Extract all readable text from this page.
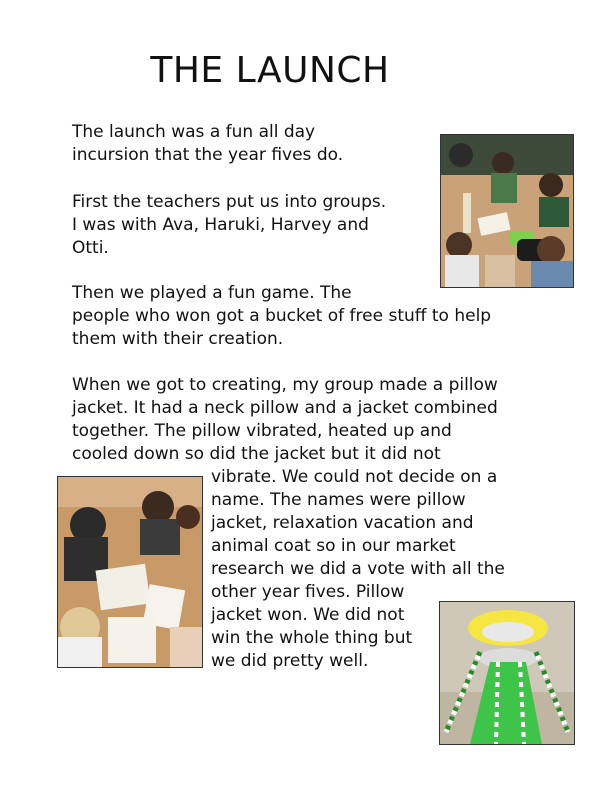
THE LAUNCH
The launch was a fun all day
incursion that the year fives do.
First the teachers put us into groups.
I was with Ava, Haruki, Harvey and
Otti.
Then we played a fun game. The
people who won got a bucket of free stuff to help
them with their creation.
When we got to creating, my group made a pillow
jacket. It had a neck pillow and a jacket combined
together. The pillow vibrated, heated up and
cooled down so did the jacket but it did not
vibrate. We could not decide on a
name. The names were pillow
jacket, relaxation vacation and
animal coat so in our market
research we did a vote with all the
other year fives. Pillow
jacket won. We did not
win the whole thing but
we did pretty well.
